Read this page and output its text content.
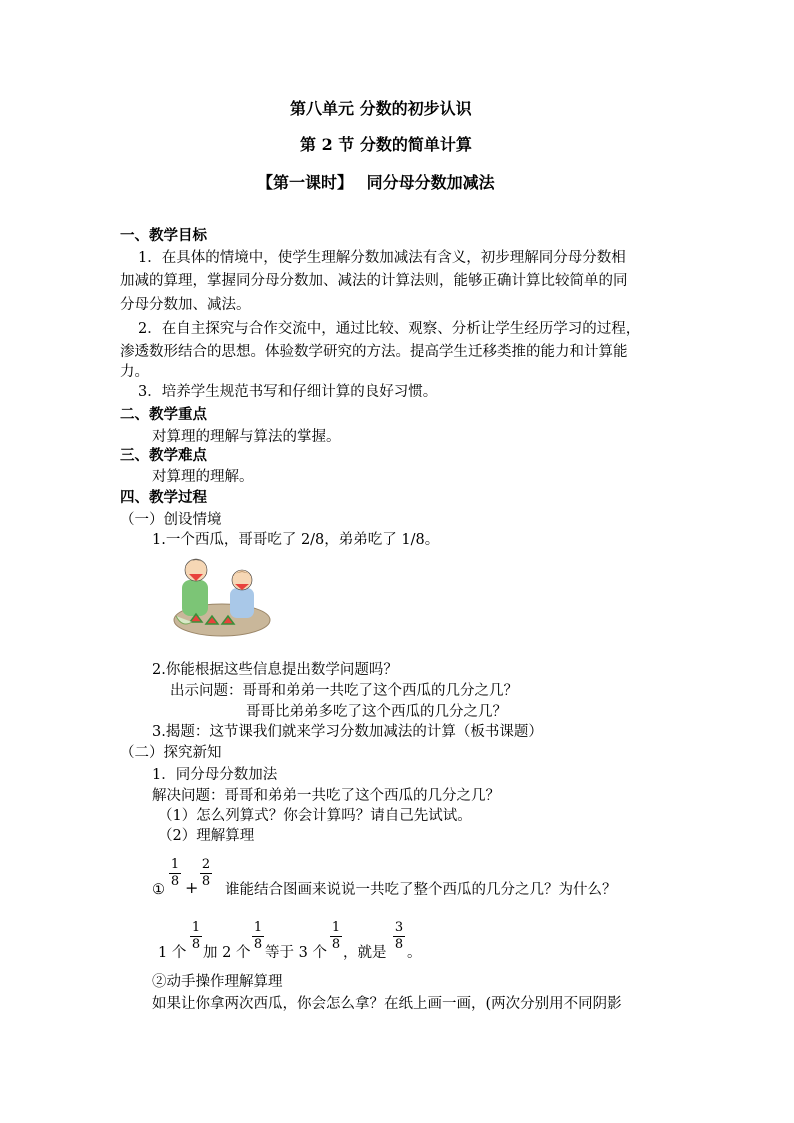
第八单元 分数的初步认识
第 2 节 分数的简单计算
【第一课时】　 同分母分数加减法
一、教学目标
1．在具体的情境中，使学生理解分数加减法有含义，初步理解同分母分数相
加减的算理，掌握同分母分数加、减法的计算法则，能够正确计算比较简单的同
分母分数加、减法。
2．在自主探究与合作交流中，通过比较、观察、分析让学生经历学习的过程，
渗透数形结合的思想。体验数学研究的方法。提高学生迁移类推的能力和计算能
力。
3．培养学生规范书写和仔细计算的良好习惯。
二、教学重点
对算理的理解与算法的掌握。
三、教学难点
对算理的理解。
四、教学过程
（一）创设情境
1.一个西瓜，哥哥吃了 2/8，弟弟吃了 1/8。
2.你能根据这些信息提出数学问题吗？
出示问题：哥哥和弟弟一共吃了这个西瓜的几分之几？
哥哥比弟弟多吃了这个西瓜的几分之几？
3.揭题：这节课我们就来学习分数加减法的计算（板书课题）
（二）探究新知
1．同分母分数加法
解决问题：哥哥和弟弟一共吃了这个西瓜的几分之几？
（1）怎么列算式？你会计算吗？请自己先试试。
（2）理解算理
①
$\frac{1}{8} + \frac{2}{8}$
谁能结合图画来说说一共吃了整个西瓜的几分之几？为什么？
1 个
$\frac{1}{8}$
加 2 个
$\frac{1}{8}$
等于 3 个
$\frac{1}{8}$
，就是
$\frac{3}{8}$
。
②动手操作理解算理
如果让你拿两次西瓜，你会怎么拿？在纸上画一画，(两次分别用不同阴影
